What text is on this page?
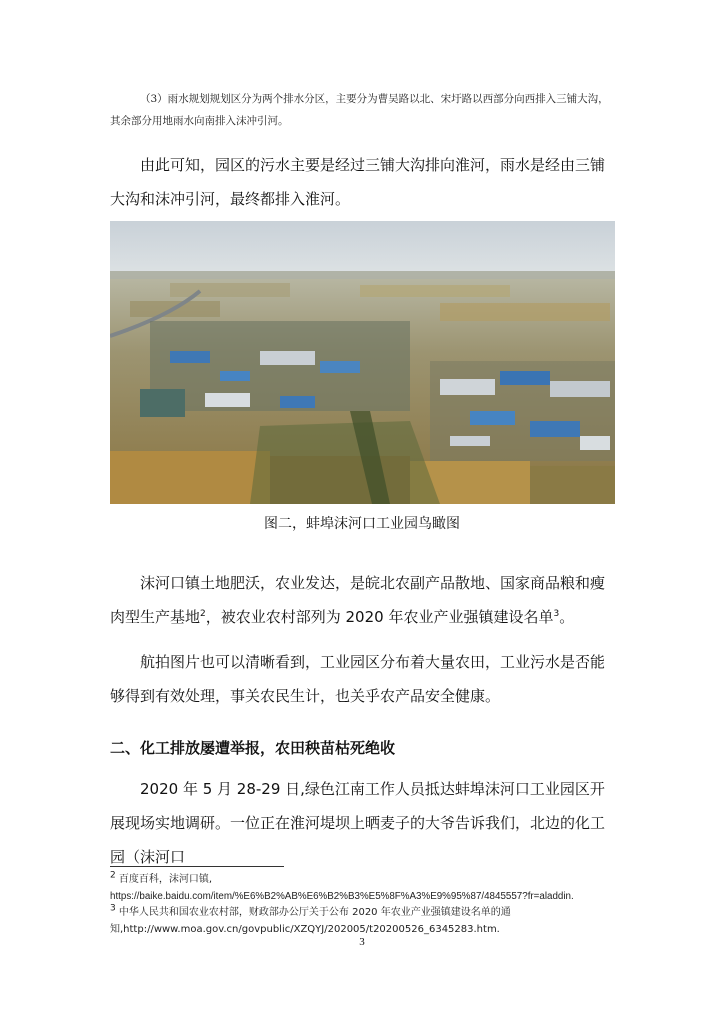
（3）雨水规划规划区分为两个排水分区，主要分为曹吴路以北、宋圩路以西部分向西排入三铺大沟，其余部分用地雨水向南排入沫冲引河。

由此可知，园区的污水主要是经过三铺大沟排向淮河，雨水是经由三铺大沟和沫冲引河，最终都排入淮河。

图二，蚌埠沫河口工业园鸟瞰图

沫河口镇土地肥沃，农业发达，是皖北农副产品散地、国家商品粮和瘦肉型生产基地$^2$，被农业农村部列为 2020 年农业产业强镇建设名单$^3$。

航拍图片也可以清晰看到，工业园区分布着大量农田，工业污水是否能够得到有效处理，事关农民生计，也关乎农产品安全健康。

二、化工排放屡遭举报，农田秧苗枯死绝收

2020 年 5 月 28-29 日,绿色江南工作人员抵达蚌埠沫河口工业园区开展现场实地调研。一位正在淮河堤坝上晒麦子的大爷告诉我们，北边的化工园（沫河口

$^2$ 百度百科，沫河口镇,
https://baike.baidu.com/item/%E6%B2%AB%E6%B2%B3%E5%8F%A3%E9%95%87/4845557?fr=aladdin.
$^3$ 中华人民共和国农业农村部，财政部办公厅关于公布 2020 年农业产业强镇建设名单的通知,http://www.moa.gov.cn/govpublic/XZQYJ/202005/t20200526_6345283.htm.
3
